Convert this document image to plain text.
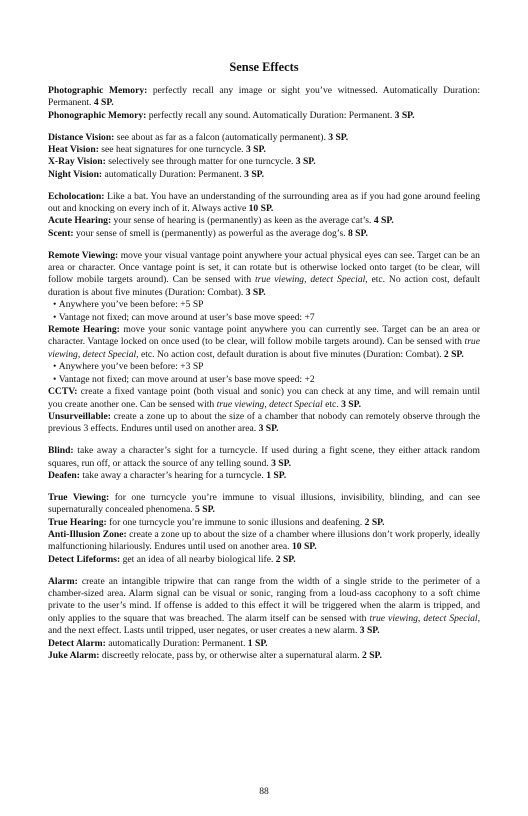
Sense Effects

Photographic Memory: perfectly recall any image or sight you’ve witnessed. Automatically Duration: Permanent. 4 SP.

Phonographic Memory: perfectly recall any sound. Automatically Duration: Permanent. 3 SP.

Distance Vision: see about as far as a falcon (automatically permanent). 3 SP.

Heat Vision: see heat signatures for one turncycle. 3 SP.

X-Ray Vision: selectively see through matter for one turncycle. 3 SP.

Night Vision: automatically Duration: Permanent. 3 SP.

Echolocation: Like a bat. You have an understanding of the surrounding area as if you had gone around feeling out and knocking on every inch of it. Always active 10 SP.

Acute Hearing: your sense of hearing is (permanently) as keen as the average cat’s. 4 SP.

Scent: your sense of smell is (permanently) as powerful as the average dog’s. 8 SP.

Remote Viewing: move your visual vantage point anywhere your actual physical eyes can see. Target can be an area or character. Once vantage point is set, it can rotate but is otherwise locked onto target (to be clear, will follow mobile targets around). Can be sensed with true viewing, detect Special, etc. No action cost, default duration is about five minutes (Duration: Combat). 3 SP.

• Anywhere you’ve been before: +5 SP
• Vantage not fixed; can move around at user’s base move speed: +7

Remote Hearing: move your sonic vantage point anywhere you can currently see. Target can be an area or character. Vantage locked on once used (to be clear, will follow mobile targets around). Can be sensed with true viewing, detect Special, etc. No action cost, default duration is about five minutes (Duration: Combat). 2 SP.

• Anywhere you’ve been before: +3 SP
• Vantage not fixed; can move around at user’s base move speed: +2

CCTV: create a fixed vantage point (both visual and sonic) you can check at any time, and will remain until you create another one. Can be sensed with true viewing, detect Special etc. 3 SP.

Unsurveillable: create a zone up to about the size of a chamber that nobody can remotely observe through the previous 3 effects. Endures until used on another area. 3 SP.

Blind: take away a character’s sight for a turncycle. If used during a fight scene, they either attack random squares, run off, or attack the source of any telling sound. 3 SP.

Deafen: take away a character’s hearing for a turncycle. 1 SP.

True Viewing: for one turncycle you’re immune to visual illusions, invisibility, blinding, and can see supernaturally concealed phenomena. 5 SP.

True Hearing: for one turncycle you’re immune to sonic illusions and deafening. 2 SP.

Anti-Illusion Zone: create a zone up to about the size of a chamber where illusions don’t work properly, ideally malfunctioning hilariously. Endures until used on another area. 10 SP.

Detect Lifeforms: get an idea of all nearby biological life. 2 SP.

Alarm: create an intangible tripwire that can range from the width of a single stride to the perimeter of a chamber-sized area. Alarm signal can be visual or sonic, ranging from a loud-ass cacophony to a soft chime private to the user’s mind. If offense is added to this effect it will be triggered when the alarm is tripped, and only applies to the square that was breached. The alarm itself can be sensed with true viewing, detect Special, and the next effect. Lasts until tripped, user negates, or user creates a new alarm. 3 SP.

Detect Alarm: automatically Duration: Permanent. 1 SP.

Juke Alarm: discreetly relocate, pass by, or otherwise alter a supernatural alarm. 2 SP.

88
